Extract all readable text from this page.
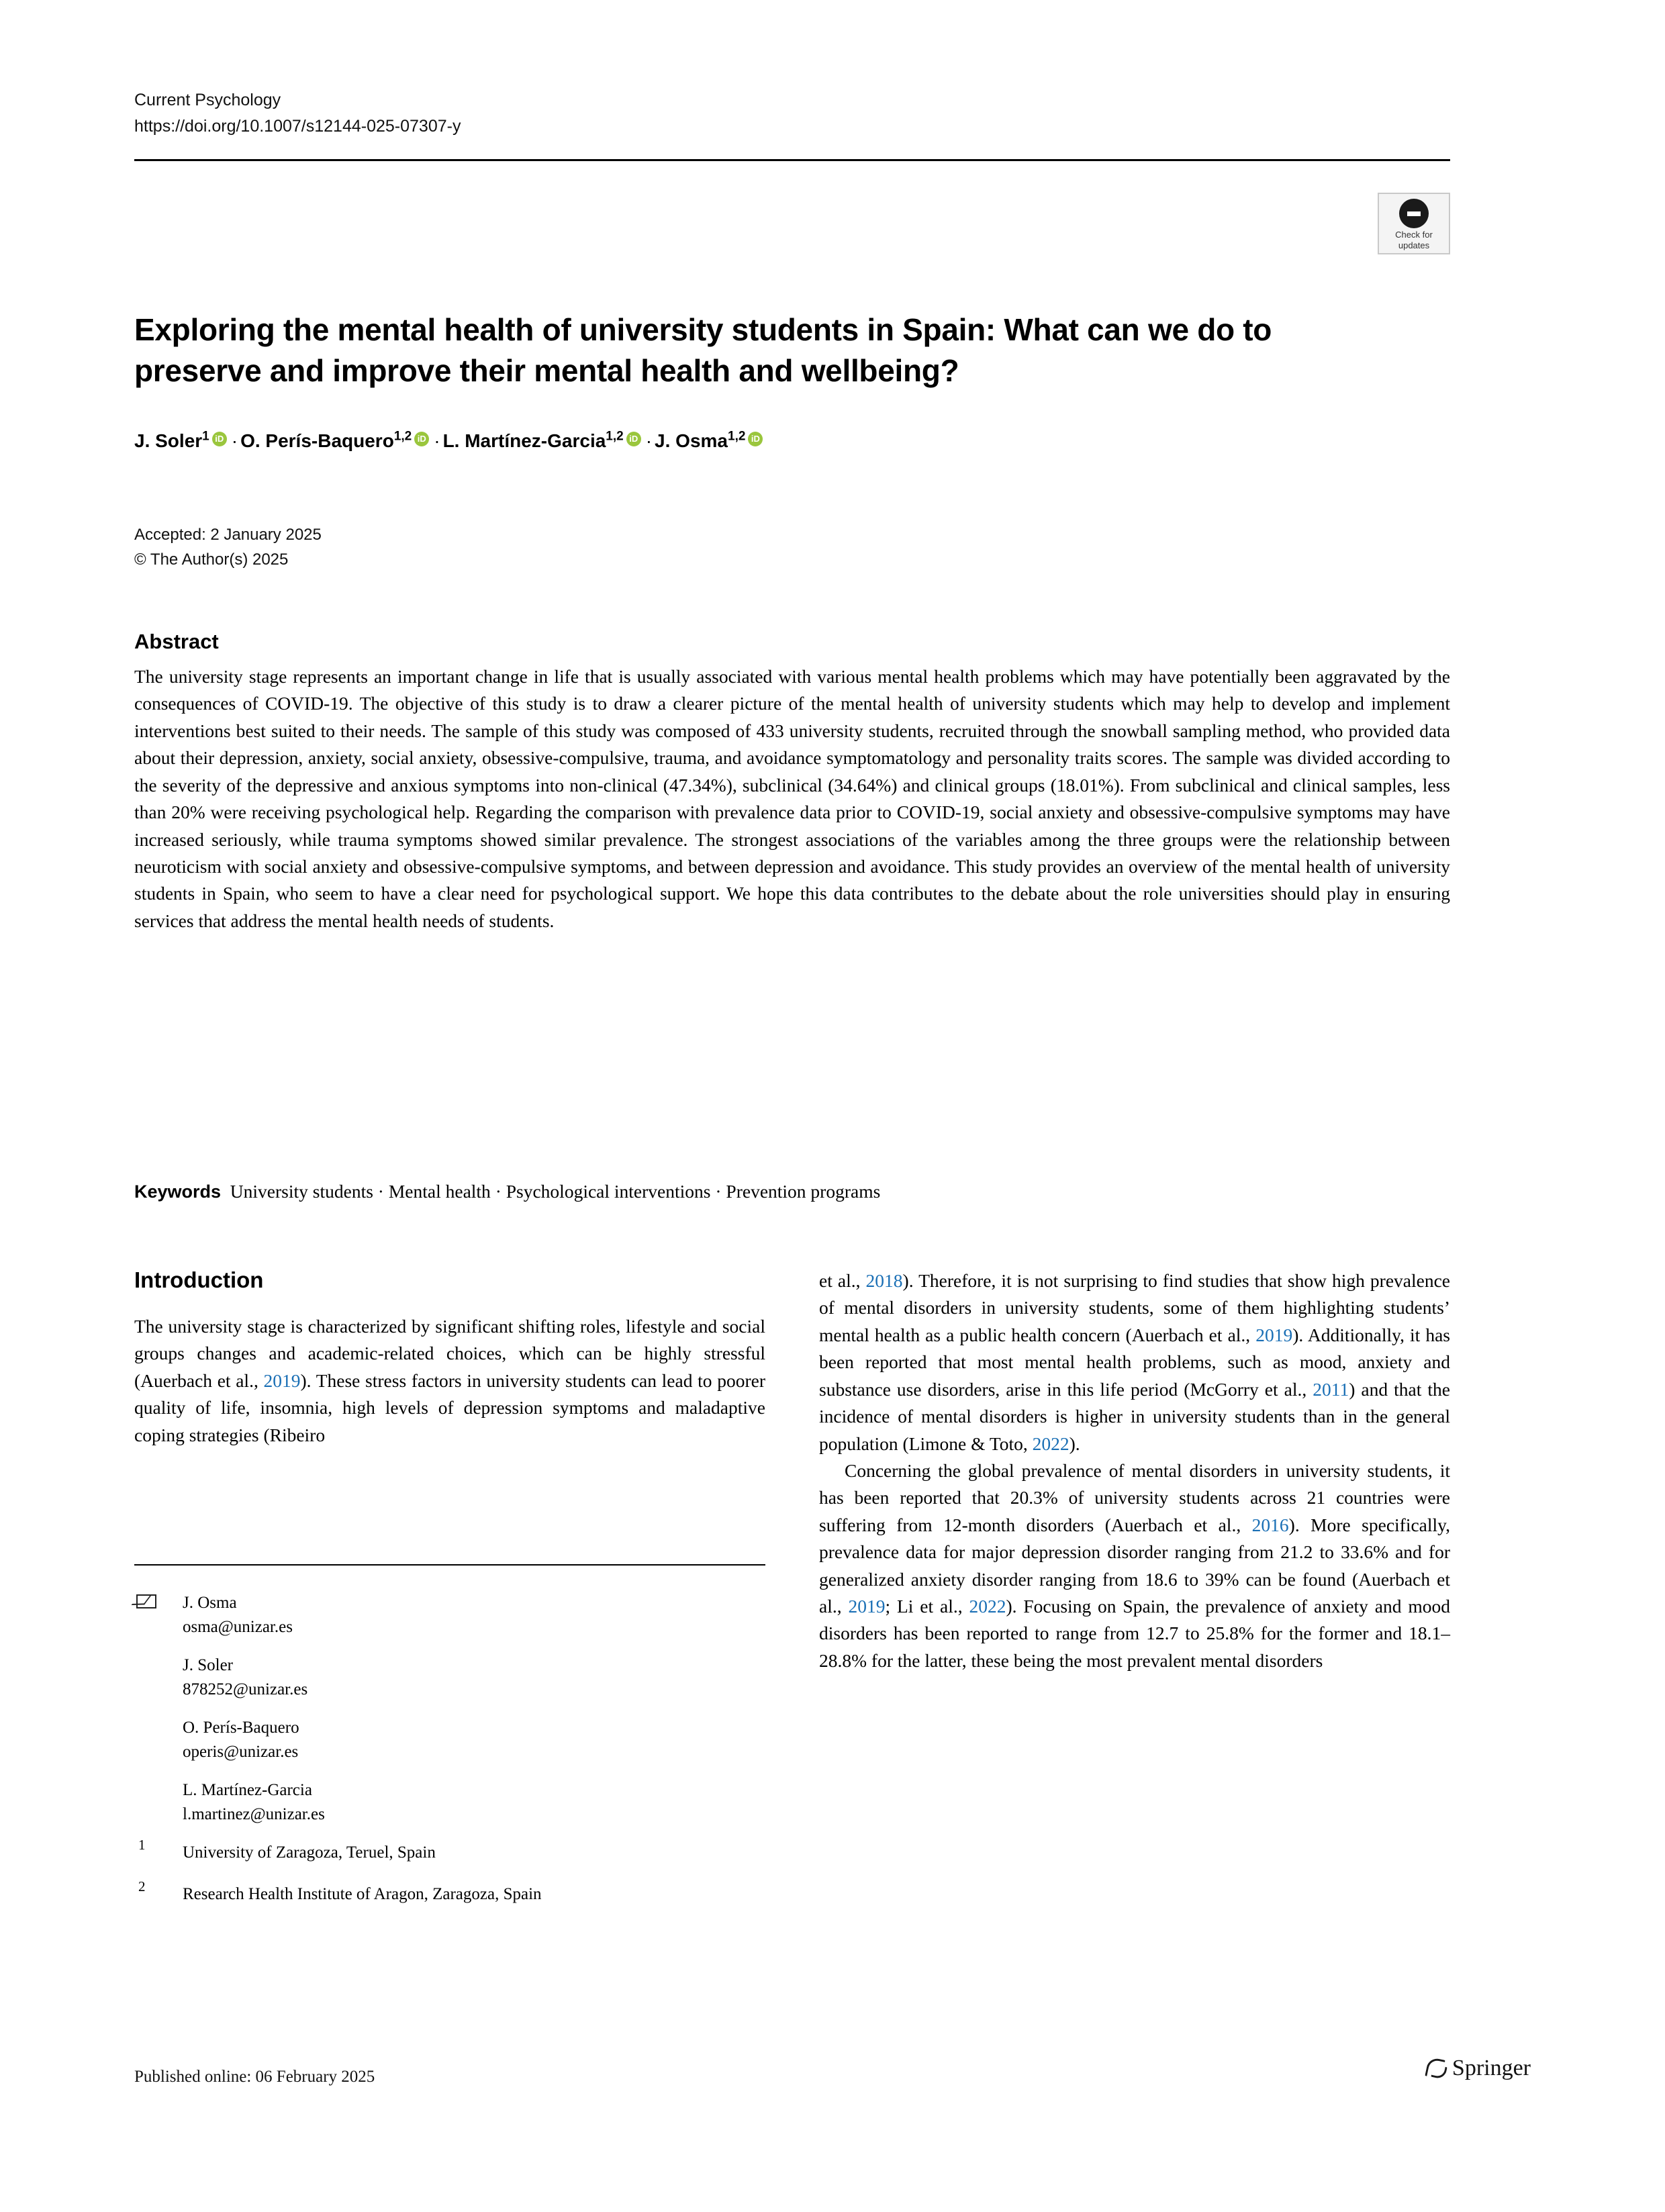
Current Psychology
https://doi.org/10.1007/s12144-025-07307-y
Check for
updates
Exploring the mental health of university students in Spain: What can we do to preserve and improve their mental health and wellbeing?
J. Soler$^1$ iD · O. Perís-Baquero$^{1,2}$ iD · L. Martínez-Garcia$^{1,2}$ iD · J. Osma$^{1,2}$iD
Accepted: 2 January 2025
© The Author(s) 2025
Abstract
The university stage represents an important change in life that is usually associated with various mental health problems which may have potentially been aggravated by the consequences of COVID-19. The objective of this study is to draw a clearer picture of the mental health of university students which may help to develop and implement interventions best suited to their needs. The sample of this study was composed of 433 university students, recruited through the snowball sampling method, who provided data about their depression, anxiety, social anxiety, obsessive-compulsive, trauma, and avoidance symptomatology and personality traits scores. The sample was divided according to the severity of the depressive and anxious symptoms into non-clinical (47.34%), subclinical (34.64%) and clinical groups (18.01%). From subclinical and clinical samples, less than 20% were receiving psychological help. Regarding the comparison with prevalence data prior to COVID-19, social anxiety and obsessive-compulsive symptoms may have increased seriously, while trauma symptoms showed similar prevalence. The strongest associations of the variables among the three groups were the relationship between neuroticism with social anxiety and obsessive-compulsive symptoms, and between depression and avoidance. This study provides an overview of the mental health of university students in Spain, who seem to have a clear need for psychological support. We hope this data contributes to the debate about the role universities should play in ensuring services that address the mental health needs of students.
Keywords University students · Mental health · Psychological interventions · Prevention programs
Introduction

The university stage is characterized by significant shifting roles, lifestyle and social groups changes and academic-related choices, which can be highly stressful (Auerbach et al., 2019). These stress factors in university students can lead to poorer quality of life, insomnia, high levels of depression symptoms and maladaptive coping strategies (Ribeiro

et al., 2018). Therefore, it is not surprising to find studies that show high prevalence of mental disorders in university students, some of them highlighting students’ mental health as a public health concern (Auerbach et al., 2019). Additionally, it has been reported that most mental health problems, such as mood, anxiety and substance use disorders, arise in this life period (McGorry et al., 2011) and that the incidence of mental disorders is higher in university students than in the general population (Limone & Toto, 2022).

Concerning the global prevalence of mental disorders in university students, it has been reported that 20.3% of university students across 21 countries were suffering from 12-month disorders (Auerbach et al., 2016). More specifically, prevalence data for major depression disorder ranging from 21.2 to 33.6% and for generalized anxiety disorder ranging from 18.6 to 39% can be found (Auerbach et al., 2019; Li et al., 2022). Focusing on Spain, the prevalence of anxiety and mood disorders has been reported to range from 12.7 to 25.8% for the former and 18.1–28.8% for the latter, these being the most prevalent mental disorders

J. Osma
osma@unizar.es
J. Soler
878252@unizar.es
O. Perís-Baquero
operis@unizar.es
L. Martínez-Garcia
l.martinez@unizar.es
1 University of Zaragoza, Teruel, Spain
2 Research Health Institute of Aragon, Zaragoza, Spain
Published online: 06 February 2025	Springer
